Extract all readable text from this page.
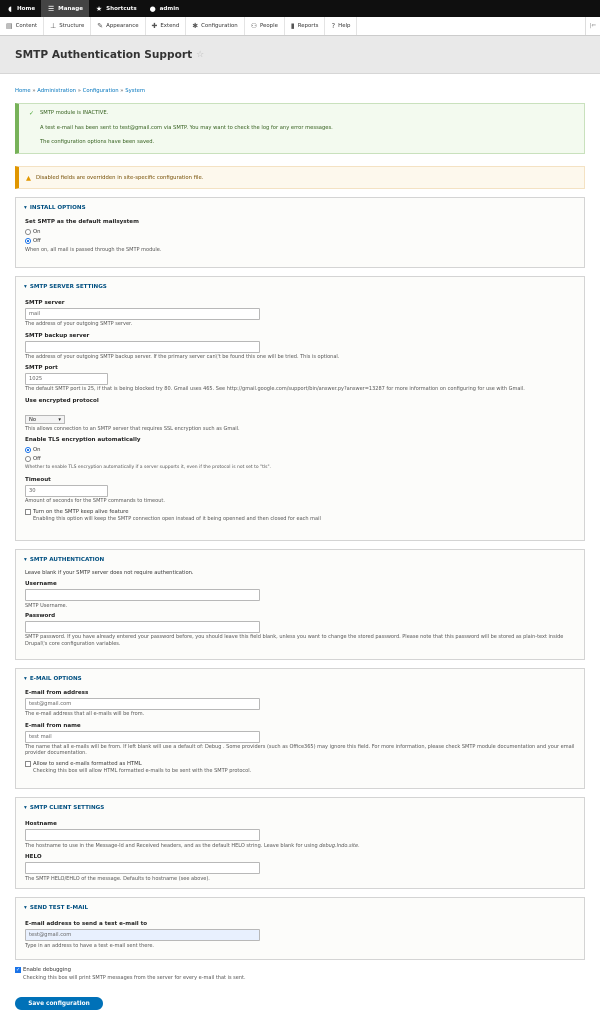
◖ Home ☰ Manage ★ Shortcuts ● admin
▤ Content ⊥ Structure ✎ Appearance ✚ Extend ✱ Configuration ⚇ People ▮ Reports ? Help	|⇐
SMTP Authentication Support ☆
Home » Administration » Configuration » System
✓ SMTP module is INACTIVE.
A test e-mail has been sent to test@gmail.com via SMTP. You may want to check the log for any error messages.
The configuration options have been saved.
▲ Disabled fields are overridden in site-specific configuration file.
▾ INSTALL OPTIONS
Set SMTP as the default mailsystem
On
Off
When on, all mail is passed through the SMTP module.
▾ SMTP SERVER SETTINGS
SMTP server
mail
The address of your outgoing SMTP server.
SMTP backup server
The address of your outgoing SMTP backup server. If the primary server can\'t be found this one will be tried. This is optional.
SMTP port
1025
The default SMTP port is 25, if that is being blocked try 80. Gmail uses 465. See http://gmail.google.com/support/bin/answer.py?answer=13287 for more information on configuring for use with Gmail.
Use encrypted protocol
No	▾
This allows connection to an SMTP server that requires SSL encryption such as Gmail.
Enable TLS encryption automatically
On
Off
Whether to enable TLS encryption automatically if a server supports it, even if the protocol is not set to "tls".
Timeout
30
Amount of seconds for the SMTP commands to timeout.
Turn on the SMTP keep alive feature
Enabling this option will keep the SMTP connection open instead of it being openned and then closed for each mail
▾ SMTP AUTHENTICATION
Leave blank if your SMTP server does not require authentication.
Username
SMTP Username.
Password
SMTP password. If you have already entered your password before, you should leave this field blank, unless you want to change the stored password. Please note that this password will be stored as plain-text inside Drupal\'s core configuration variables.
▾ E-MAIL OPTIONS
E-mail from address
test@gmail.com
The e-mail address that all e-mails will be from.
E-mail from name
test mail
The name that all e-mails will be from. If left blank will use a default of: Debug . Some providers (such as Office365) may ignore this field. For more information, please check SMTP module documentation and your email provider documentation.
Allow to send e-mails formatted as HTML
Checking this box will allow HTML formatted e-mails to be sent with the SMTP protocol.
▾ SMTP CLIENT SETTINGS
Hostname
The hostname to use in the Message-Id and Received headers, and as the default HELO string. Leave blank for using debug.lndo.site.
HELO
The SMTP HELO/EHLO of the message. Defaults to hostname (see above).
▾ SEND TEST E-MAIL
E-mail address to send a test e-mail to
test@gmail.com
Type in an address to have a test e-mail sent there.
✓ Enable debugging
Checking this box will print SMTP messages from the server for every e-mail that is sent.
Save configuration
